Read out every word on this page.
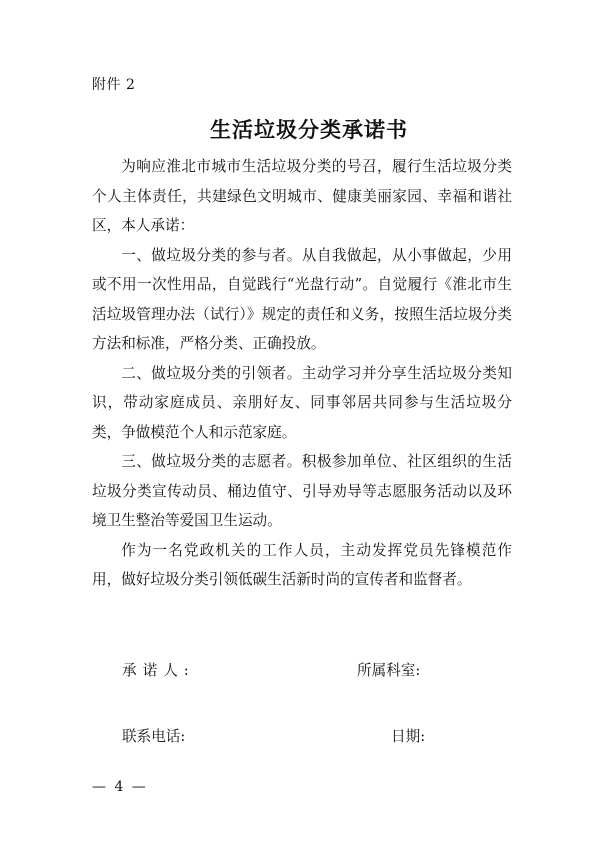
附件 2
生活垃圾分类承诺书

为响应淮北市城市生活垃圾分类的号召，履行生活垃圾分类个人主体责任，共建绿色文明城市、健康美丽家园、幸福和谐社区，本人承诺：

一、做垃圾分类的参与者。从自我做起，从小事做起，少用或不用一次性用品，自觉践行“光盘行动”。自觉履行《淮北市生活垃圾管理办法（试行）》规定的责任和义务，按照生活垃圾分类方法和标准，严格分类、正确投放。

二、做垃圾分类的引领者。主动学习并分享生活垃圾分类知识，带动家庭成员、亲朋好友、同事邻居共同参与生活垃圾分类，争做模范个人和示范家庭。

三、做垃圾分类的志愿者。积极参加单位、社区组织的生活垃圾分类宣传动员、桶边值守、引导劝导等志愿服务活动以及环境卫生整治等爱国卫生运动。

作为一名党政机关的工作人员，主动发挥党员先锋模范作用，做好垃圾分类引领低碳生活新时尚的宣传者和监督者。

承诺人:	所属科室:
联系电话:	日期:
— 4 —
